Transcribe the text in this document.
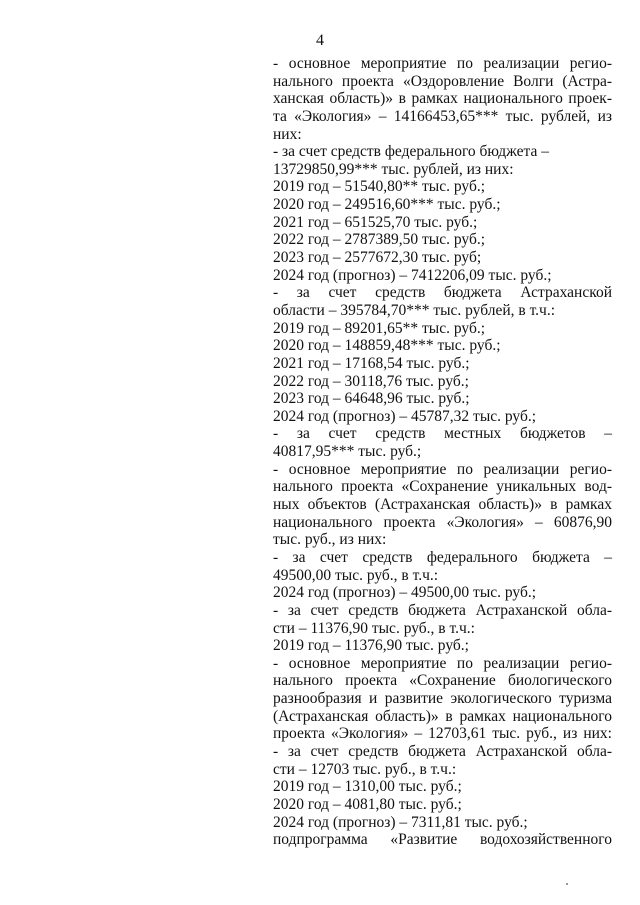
4
- основное мероприятие по реализации регио-
нального проекта «Оздоровление Волги (Астра-
ханская область)» в рамках национального проек-
та «Экология» – 14166453,65*** тыс. рублей, из
них:
- за счет средств федерального бюджета –
13729850,99*** тыс. рублей, из них:
2019 год – 51540,80** тыс. руб.;
2020 год – 249516,60*** тыс. руб.;
2021 год – 651525,70 тыс. руб.;
2022 год – 2787389,50 тыс. руб.;
2023 год – 2577672,30 тыс. руб;
2024 год (прогноз) – 7412206,09 тыс. руб.;
- за счет средств бюджета Астраханской
области – 395784,70*** тыс. рублей, в т.ч.:
2019 год – 89201,65** тыс. руб.;
2020 год – 148859,48*** тыс. руб.;
2021 год – 17168,54 тыс. руб.;
2022 год – 30118,76 тыс. руб.;
2023 год – 64648,96 тыс. руб.;
2024 год (прогноз) – 45787,32 тыс. руб.;
- за счет средств местных бюджетов –
40817,95*** тыс. руб.;
- основное мероприятие по реализации регио-
нального проекта «Сохранение уникальных вод-
ных объектов (Астраханская область)» в рамках
национального проекта «Экология» – 60876,90
тыс. руб., из них:
- за счет средств федерального бюджета –
49500,00 тыс. руб., в т.ч.:
2024 год (прогноз) – 49500,00 тыс. руб.;
- за счет средств бюджета Астраханской обла-
сти – 11376,90 тыс. руб., в т.ч.:
2019 год – 11376,90 тыс. руб.;
- основное мероприятие по реализации регио-
нального проекта «Сохранение биологического
разнообразия и развитие экологического туризма
(Астраханская область)» в рамках национального
проекта «Экология» – 12703,61 тыс. руб., из них:
- за счет средств бюджета Астраханской обла-
сти – 12703 тыс. руб., в т.ч.:
2019 год – 1310,00 тыс. руб.;
2020 год – 4081,80 тыс. руб.;
2024 год (прогноз) – 7311,81 тыс. руб.;
подпрограмма «Развитие водохозяйственного
